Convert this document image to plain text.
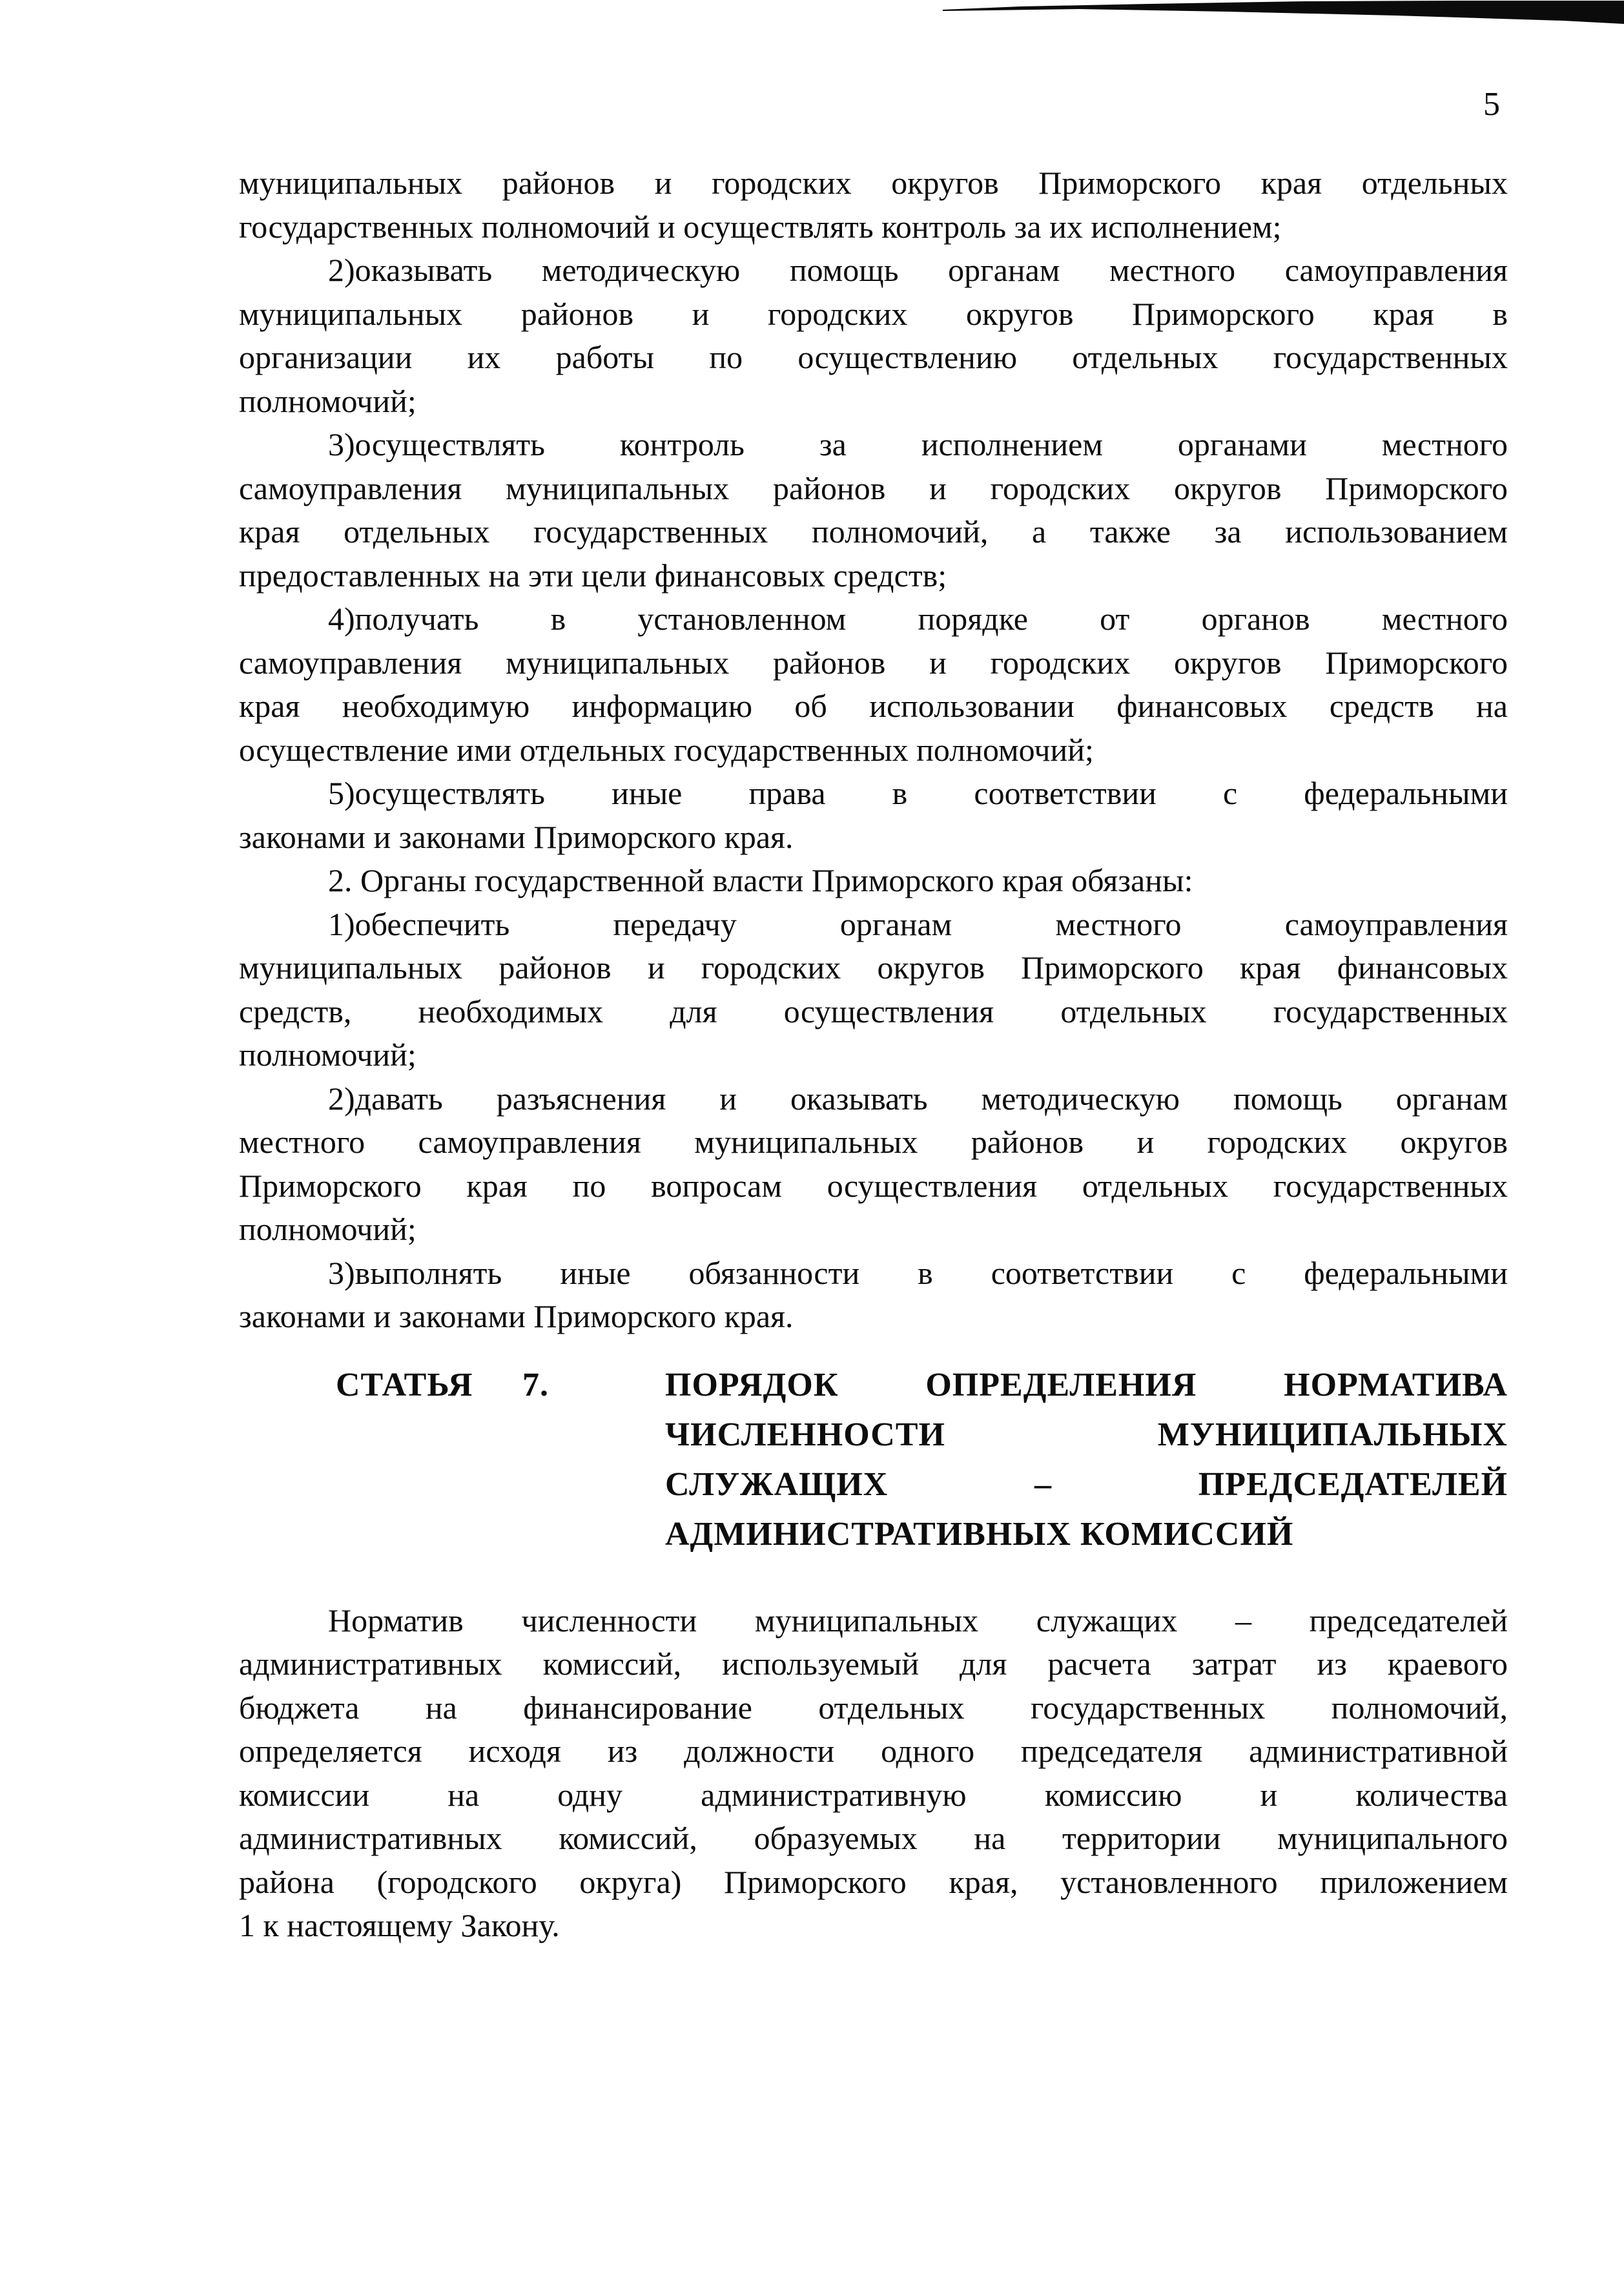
5
муниципальных районов и городских округов Приморского края отдельных
государственных полномочий и осуществлять контроль за их исполнением;
2)оказывать методическую помощь органам местного самоуправления
муниципальных районов и городских округов Приморского края в
организации их работы по осуществлению отдельных государственных
полномочий;
3)осуществлять контроль за исполнением органами местного
самоуправления муниципальных районов и городских округов Приморского
края отдельных государственных полномочий, а также за использованием
предоставленных на эти цели финансовых средств;
4)получать в установленном порядке от органов местного
самоуправления муниципальных районов и городских округов Приморского
края необходимую информацию об использовании финансовых средств на
осуществление ими отдельных государственных полномочий;
5)осуществлять иные права в соответствии с федеральными
законами и законами Приморского края.
2. Органы государственной власти Приморского края обязаны:
1)обеспечить передачу органам местного самоуправления
муниципальных районов и городских округов Приморского края финансовых
средств, необходимых для осуществления отдельных государственных
полномочий;
2)давать разъяснения и оказывать методическую помощь органам
местного самоуправления муниципальных районов и городских округов
Приморского края по вопросам осуществления отдельных государственных
полномочий;
3)выполнять иные обязанности в соответствии с федеральными
законами и законами Приморского края.
СТАТЬЯ 7.	ПОРЯДОК ОПРЕДЕЛЕНИЯ НОРМАТИВА
ЧИСЛЕННОСТИ МУНИЦИПАЛЬНЫХ
СЛУЖАЩИХ – ПРЕДСЕДАТЕЛЕЙ
АДМИНИСТРАТИВНЫХ КОМИССИЙ
Норматив численности муниципальных служащих – председателей
административных комиссий, используемый для расчета затрат из краевого
бюджета на финансирование отдельных государственных полномочий,
определяется исходя из должности одного председателя административной
комиссии на одну административную комиссию и количества
административных комиссий, образуемых на территории муниципального
района (городского округа) Приморского края, установленного приложением
1 к настоящему Закону.
